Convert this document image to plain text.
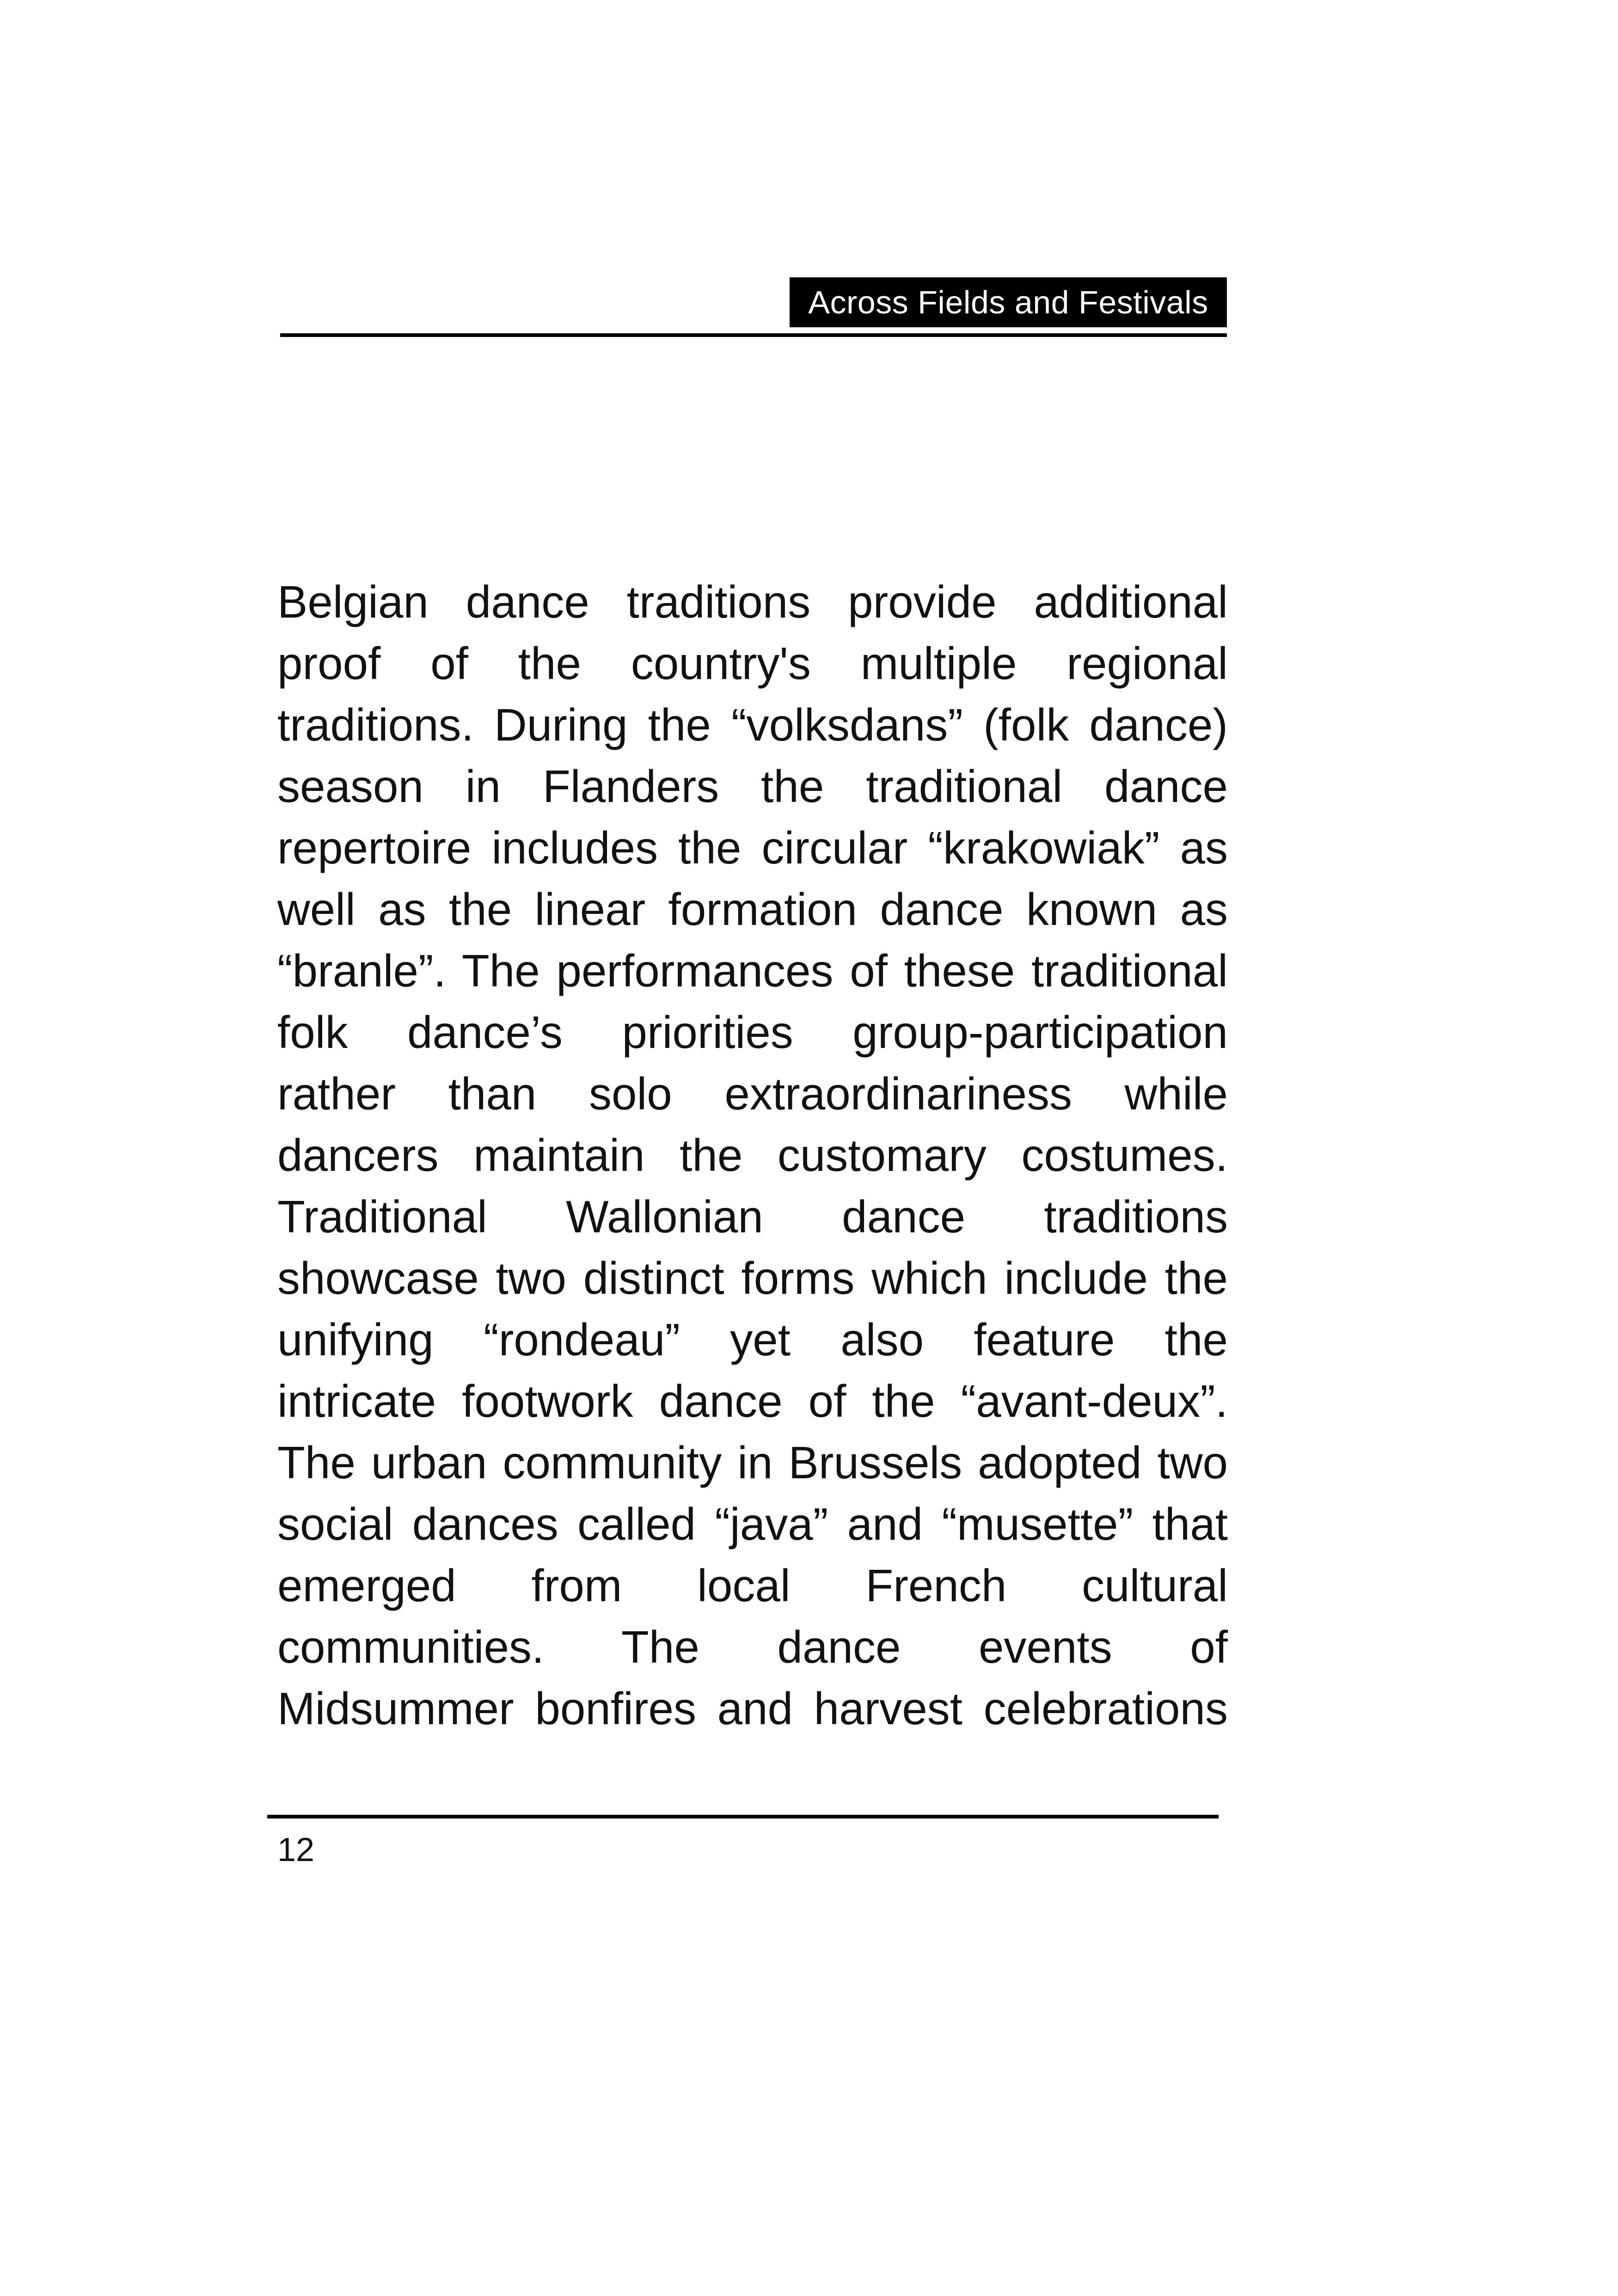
Across Fields and Festivals
Belgian dance traditions provide additional
proof of the country's multiple regional
traditions. During the “volksdans” (folk dance)
season in Flanders the traditional dance
repertoire includes the circular “krakowiak” as
well as the linear formation dance known as
“branle”. The performances of these traditional
folk dance’s priorities group-participation
rather than solo extraordinariness while
dancers maintain the customary costumes.
Traditional Wallonian dance traditions
showcase two distinct forms which include the
unifying “rondeau” yet also feature the
intricate footwork dance of the “avant-deux”.
The urban community in Brussels adopted two
social dances called “java” and “musette” that
emerged from local French cultural
communities. The dance events of
Midsummer bonfires and harvest celebrations
12
